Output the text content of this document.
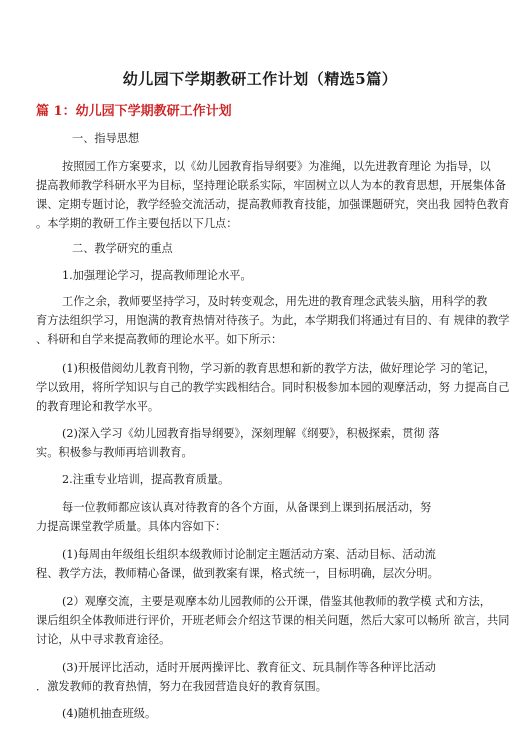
幼儿园下学期教研工作计划（精选5篇）
篇 1：幼儿园下学期教研工作计划
一、指导思想
按照园工作方案要求，以《幼儿园教育指导纲要》为准绳，以先进教育理论 为指导，以
提高教师教学科研水平为目标，坚持理论联系实际，牢固树立以人为本的教育思想，开展集体备
课、定期专题讨论，教学经验交流活动，提高教师教育技能，加强课题研究，突出我 园特色教育
。本学期的教研工作主要包括以下几点：
二、教学研究的重点
1.加强理论学习，提高教师理论水平。
工作之余，教师要坚持学习，及时转变观念，用先进的教育理念武装头脑，用科学的教
育方法组织学习，用饱满的教育热情对待孩子。为此，本学期我们将通过有目的、有 规律的教学
、科研和自学来提高教师的理论水平。如下所示：
(1)积极借阅幼儿教育刊物，学习新的教育思想和新的教学方法，做好理论学 习的笔记，
学以致用，将所学知识与自己的教学实践相结合。同时积极参加本园的观摩活动，努 力提高自己
的教育理论和教学水平。
(2)深入学习《幼儿园教育指导纲要》，深刻理解《纲要》，积极探索，贯彻 落
实。积极参与教师再培训教育。
2.注重专业培训，提高教育质量。
每一位教师都应该认真对待教育的各个方面，从备课到上课到拓展活动，努
力提高课堂教学质量。具体内容如下：
(1)每周由年级组长组织本级教师讨论制定主题活动方案、活动目标、活动流
程、教学方法，教师精心备课，做到教案有课，格式统一，目标明确，层次分明。
(2）观摩交流，主要是观摩本幼儿园教师的公开课，借鉴其他教师的教学模 式和方法，
课后组织全体教师进行评价，开班老师会介绍这节课的相关问题，然后大家可以畅所 欲言，共同
讨论，从中寻求教育途径。
(3)开展评比活动，适时开展两操评比、教育征文、玩具制作等各种评比活动
．激发教师的教育热情，努力在我园营造良好的教育氛围。
(4)随机抽查班级。
